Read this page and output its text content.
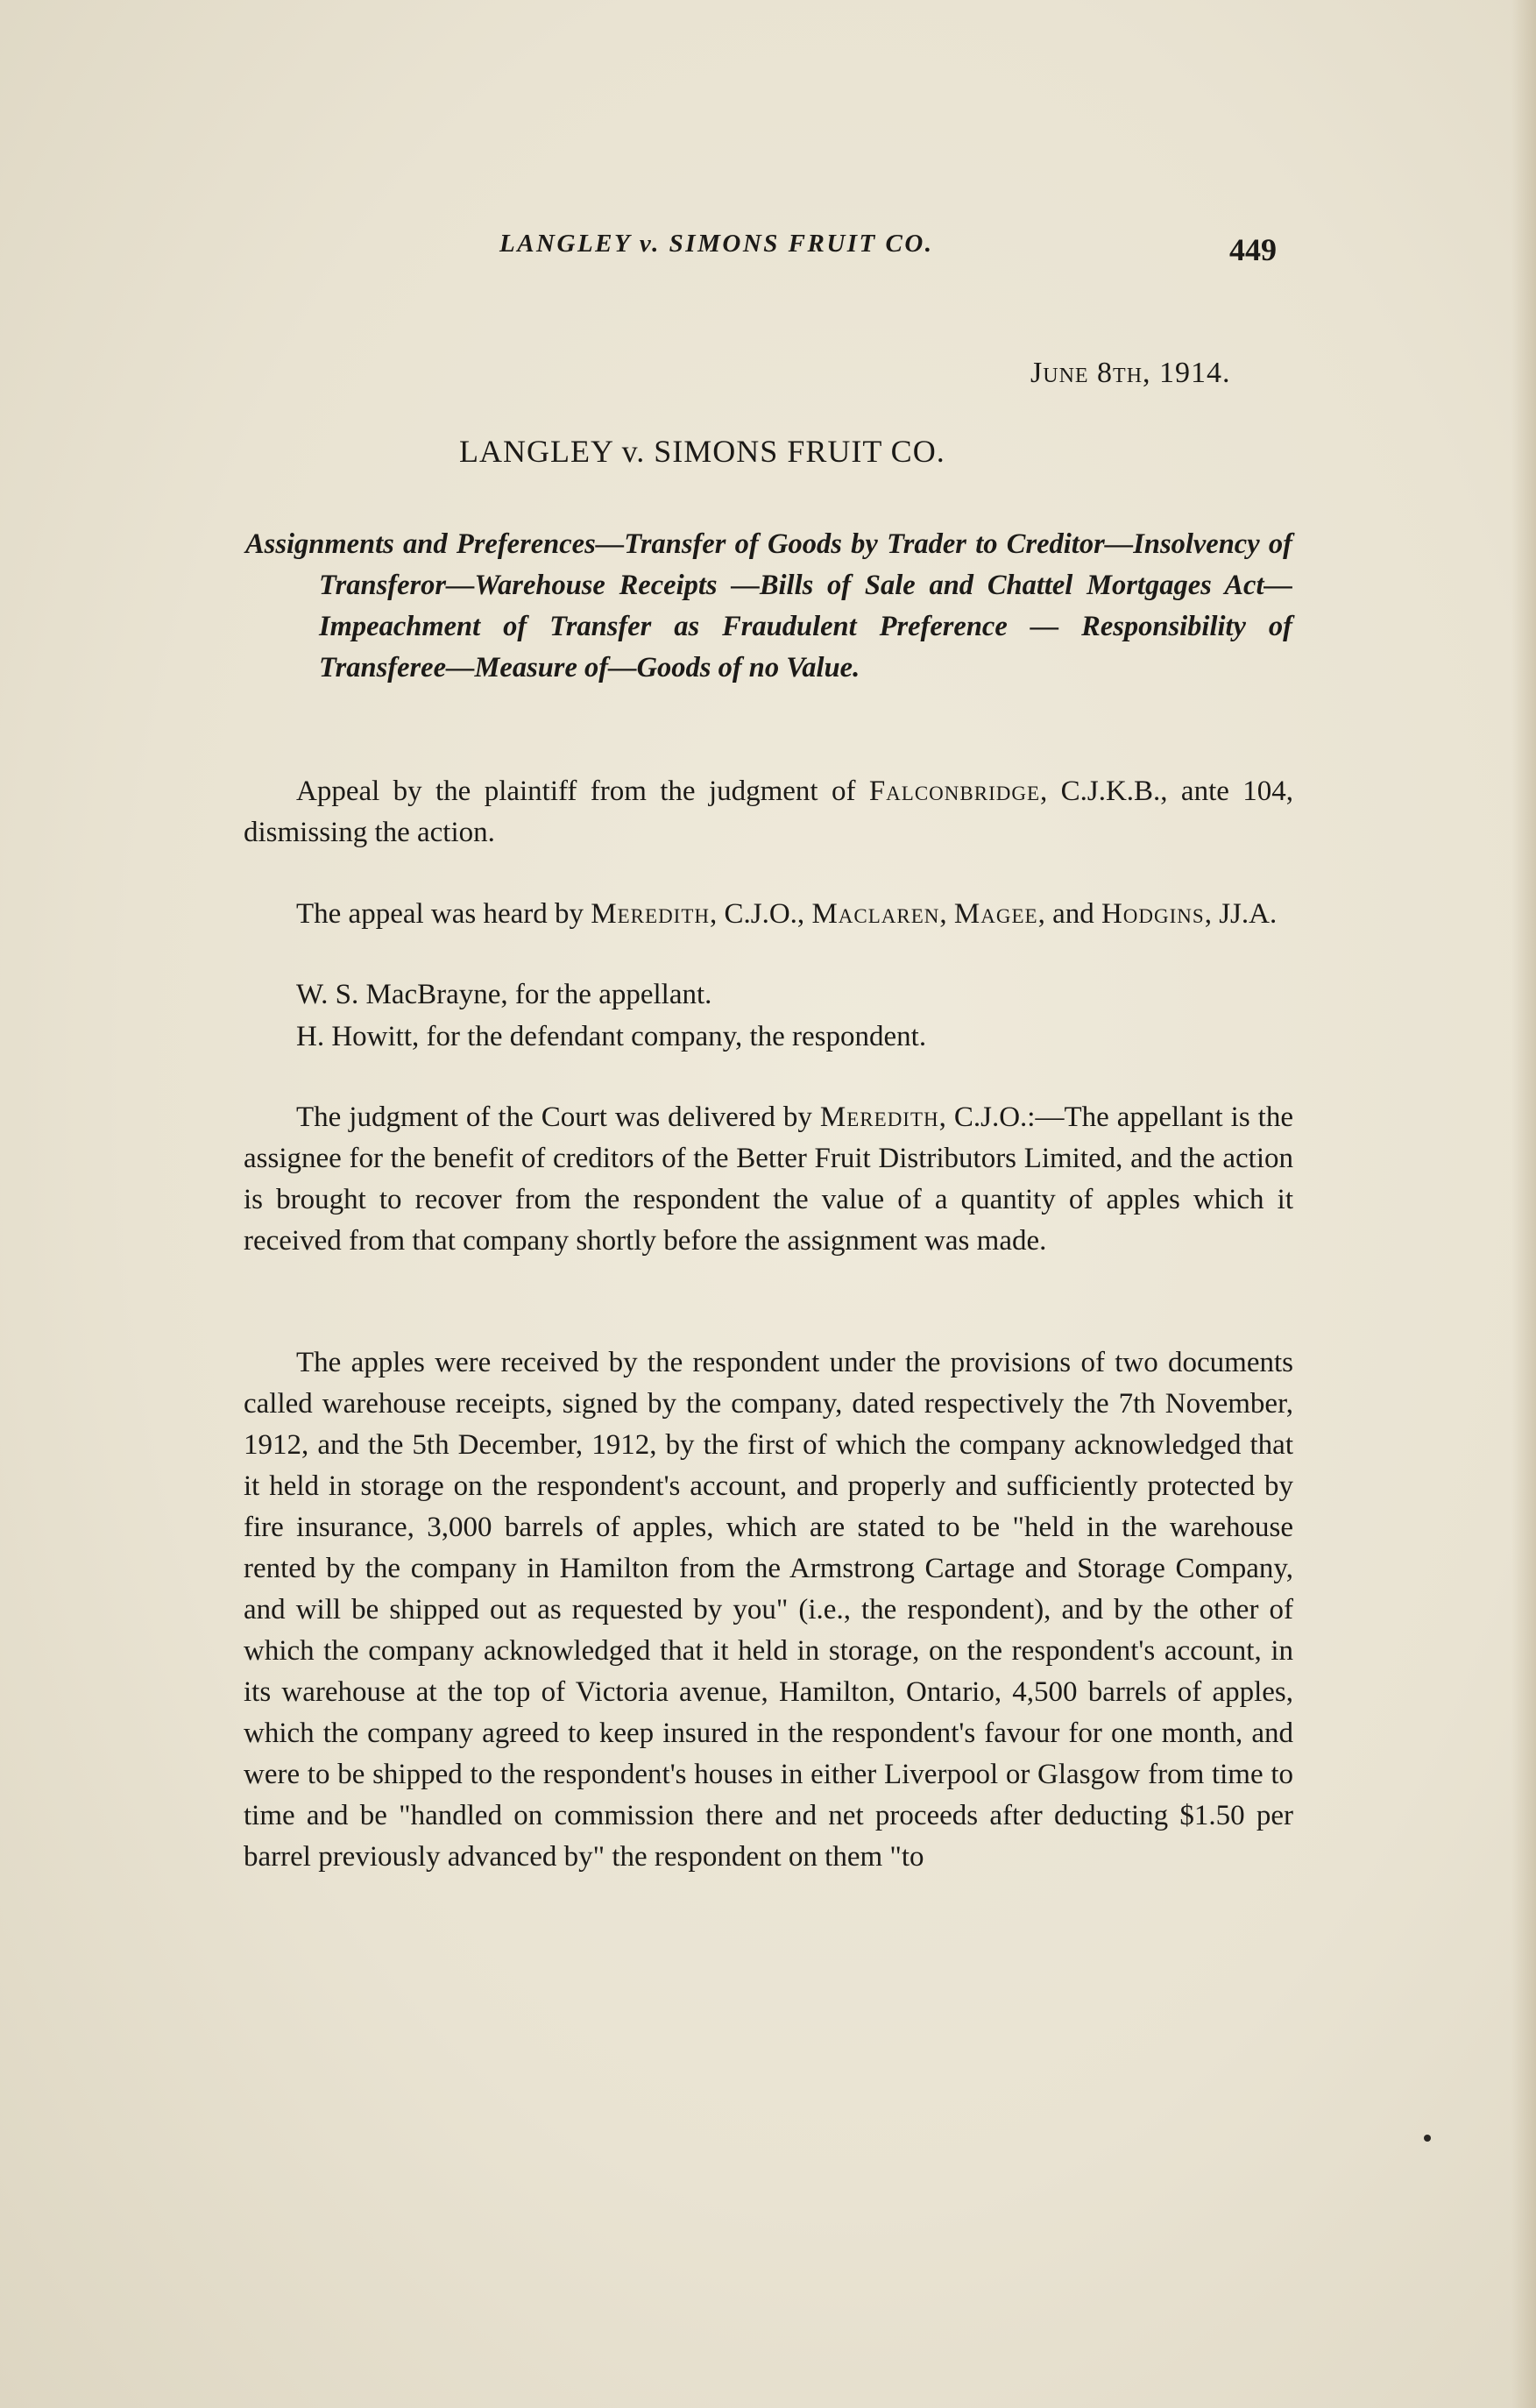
LANGLEY v. SIMONS FRUIT CO.	449
June 8th, 1914.
LANGLEY v. SIMONS FRUIT CO.
Assignments and Preferences—Transfer of Goods by Trader to Creditor—Insolvency of Transferor—Warehouse Receipts —Bills of Sale and Chattel Mortgages Act—Impeachment of Transfer as Fraudulent Preference — Responsibility of Transferee—Measure of—Goods of no Value.
Appeal by the plaintiff from the judgment of Falconbridge, C.J.K.B., ante 104, dismissing the action.
The appeal was heard by Meredith, C.J.O., Maclaren, Magee, and Hodgins, JJ.A.
W. S. MacBrayne, for the appellant.
H. Howitt, for the defendant company, the respondent.
The judgment of the Court was delivered by Meredith, C.J.O.:—The appellant is the assignee for the benefit of creditors of the Better Fruit Distributors Limited, and the action is brought to recover from the respondent the value of a quantity of apples which it received from that company shortly before the assignment was made.
The apples were received by the respondent under the provisions of two documents called warehouse receipts, signed by the company, dated respectively the 7th November, 1912, and the 5th December, 1912, by the first of which the company acknowledged that it held in storage on the respondent's account, and properly and sufficiently protected by fire insurance, 3,000 barrels of apples, which are stated to be "held in the warehouse rented by the company in Hamilton from the Armstrong Cartage and Storage Company, and will be shipped out as requested by you" (i.e., the respondent), and by the other of which the company acknowledged that it held in storage, on the respondent's account, in its warehouse at the top of Victoria avenue, Hamilton, Ontario, 4,500 barrels of apples, which the company agreed to keep insured in the respondent's favour for one month, and were to be shipped to the respondent's houses in either Liverpool or Glasgow from time to time and be "handled on commission there and net proceeds after deducting $1.50 per barrel previously advanced by" the respondent on them "to
